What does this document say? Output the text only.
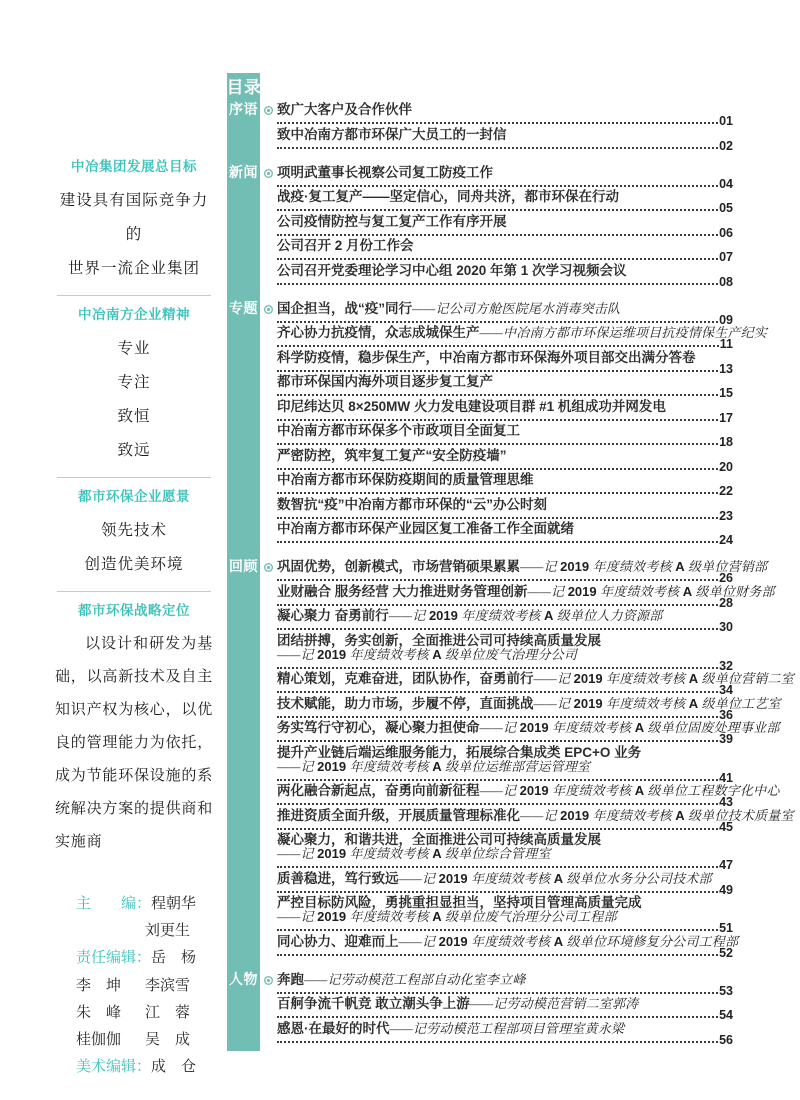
中冶集团发展总目标
建设具有国际竞争力的
世界一流企业集团
中冶南方企业精神
专业
专注
致恒
致远
都市环保企业愿景
领先技术
创造优美环境
都市环保战略定位
以设计和研发为基础，以高新技术及自主知识产权为核心，以优良的管理能力为依托，成为节能环保设施的系统解决方案的提供商和实施商
主　　编： 程朝华
刘更生
责任编辑： 岳　杨
李　坤 李滨雪
朱　峰 江　蓉
桂伽伽 吴　成
美术编辑： 成　仓
目录
序语 致广大客户及合作伙伴
01
致中冶南方都市环保广大员工的一封信
02
新闻 项明武董事长视察公司复工防疫工作
04
战疫·复工复产——坚定信心，同舟共济，都市环保在行动
05
公司疫情防控与复工复产工作有序开展
06
公司召开 2 月份工作会
07
公司召开党委理论学习中心组 2020 年第 1 次学习视频会议
08
专题 国企担当，战“疫”同行——记公司方舱医院尾水消毒突击队
09
齐心协力抗疫情，众志成城保生产——中冶南方都市环保运维项目抗疫情保生产纪实
11
科学防疫情，稳步保生产，中冶南方都市环保海外项目部交出满分答卷
13
都市环保国内海外项目逐步复工复产
15
印尼纬达贝 8×250MW 火力发电建设项目群 #1 机组成功并网发电
17
中冶南方都市环保多个市政项目全面复工
18
严密防控，筑牢复工复产“安全防疫墙”
20
中冶南方都市环保防疫期间的质量管理思维
22
数智抗“疫”中冶南方都市环保的“云”办公时刻
23
中冶南方都市环保产业园区复工准备工作全面就绪
24
回顾 巩固优势，创新模式，市场营销硕果累累——记 2019 年度绩效考核 A 级单位营销部
26
业财融合 服务经营 大力推进财务管理创新——记 2019 年度绩效考核 A 级单位财务部
28
凝心聚力 奋勇前行——记 2019 年度绩效考核 A 级单位人力资源部
30
团结拼搏，务实创新，全面推进公司可持续高质量发展
——记 2019 年度绩效考核 A 级单位废气治理分公司
32
精心策划，克难奋进，团队协作，奋勇前行——记 2019 年度绩效考核 A 级单位营销二室
34
技术赋能，助力市场，步履不停，直面挑战——记 2019 年度绩效考核 A 级单位工艺室
36
务实笃行守初心，凝心聚力担使命——记 2019 年度绩效考核 A 级单位固废处理事业部
39
提升产业链后端运维服务能力，拓展综合集成类 EPC+O 业务
——记 2019 年度绩效考核 A 级单位运维部营运管理室
41
两化融合新起点，奋勇向前新征程——记 2019 年度绩效考核 A 级单位工程数字化中心
43
推进资质全面升级，开展质量管理标准化——记 2019 年度绩效考核 A 级单位技术质量室
45
凝心聚力，和谐共进，全面推进公司可持续高质量发展
——记 2019 年度绩效考核 A 级单位综合管理室
47
质善稳进，笃行致远——记 2019 年度绩效考核 A 级单位水务分公司技术部
49
严控目标防风险，勇挑重担显担当，坚持项目管理高质量完成
——记 2019 年度绩效考核 A 级单位废气治理分公司工程部
51
同心协力、迎难而上——记 2019 年度绩效考核 A 级单位环境修复分公司工程部
52
人物 奔跑——记劳动模范工程部自动化室李立峰
53
百舸争流千帆竞 敢立潮头争上游——记劳动模范营销二室郭涛
54
感恩·在最好的时代——记劳动模范工程部项目管理室黄永梁
56
